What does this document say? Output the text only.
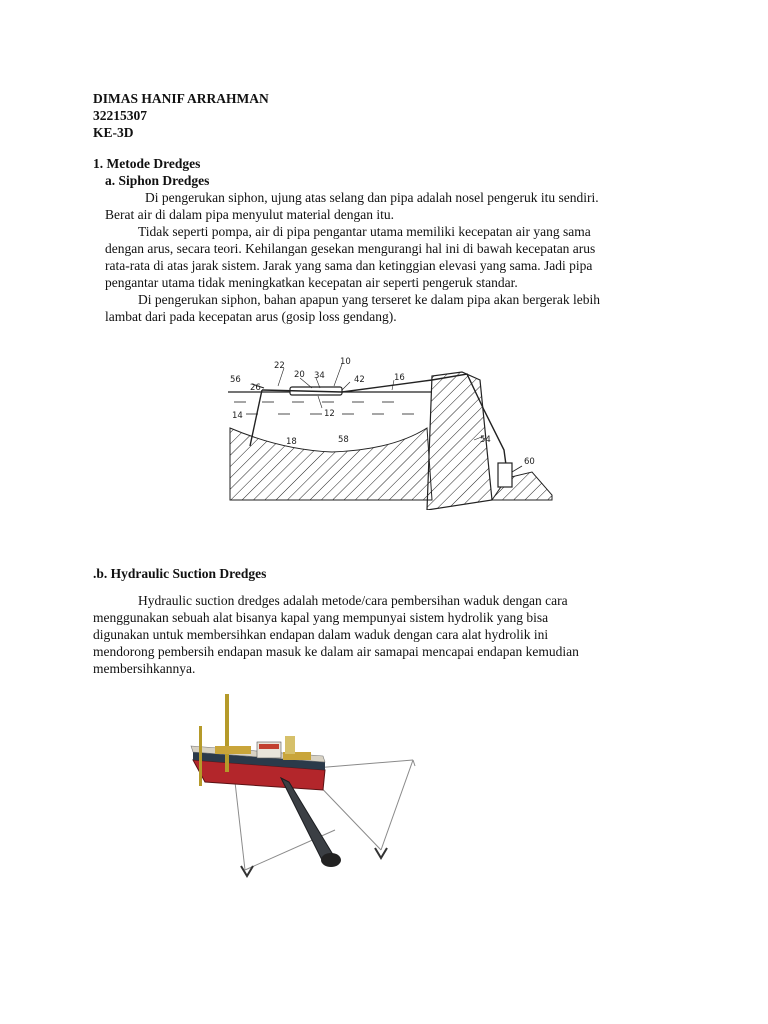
DIMAS HANIF ARRAHMAN
32215307
KE-3D
1. Metode Dredges
a. Siphon Dredges
Di pengerukan siphon, ujung atas selang dan pipa adalah nosel pengeruk itu sendiri.
Berat air di dalam pipa menyulut material dengan itu.
Tidak seperti pompa, air di pipa pengantar utama memiliki kecepatan air yang sama
dengan arus, secara teori. Kehilangan gesekan mengurangi hal ini di bawah kecepatan arus
rata-rata di atas jarak sistem. Jarak yang sama dan ketinggian elevasi yang sama. Jadi pipa
pengantar utama tidak meningkatkan kecepatan air seperti pengeruk standar.
Di pengerukan siphon, bahan apapun yang terseret ke dalam pipa akan bergerak lebih
lambat dari pada kecepatan arus (gosip loss gendang).
56
26
22
20 34
10
42	16
14	12
18	58	54
60
.b. Hydraulic Suction Dredges
Hydraulic suction dredges adalah metode/cara pembersihan waduk dengan cara
menggunakan sebuah alat bisanya kapal yang mempunyai sistem hydrolik yang bisa
digunakan untuk membersihkan endapan dalam waduk dengan cara alat hydrolik ini
mendorong pembersih endapan masuk ke dalam air samapai mencapai endapan kemudian
membersihkannya.
